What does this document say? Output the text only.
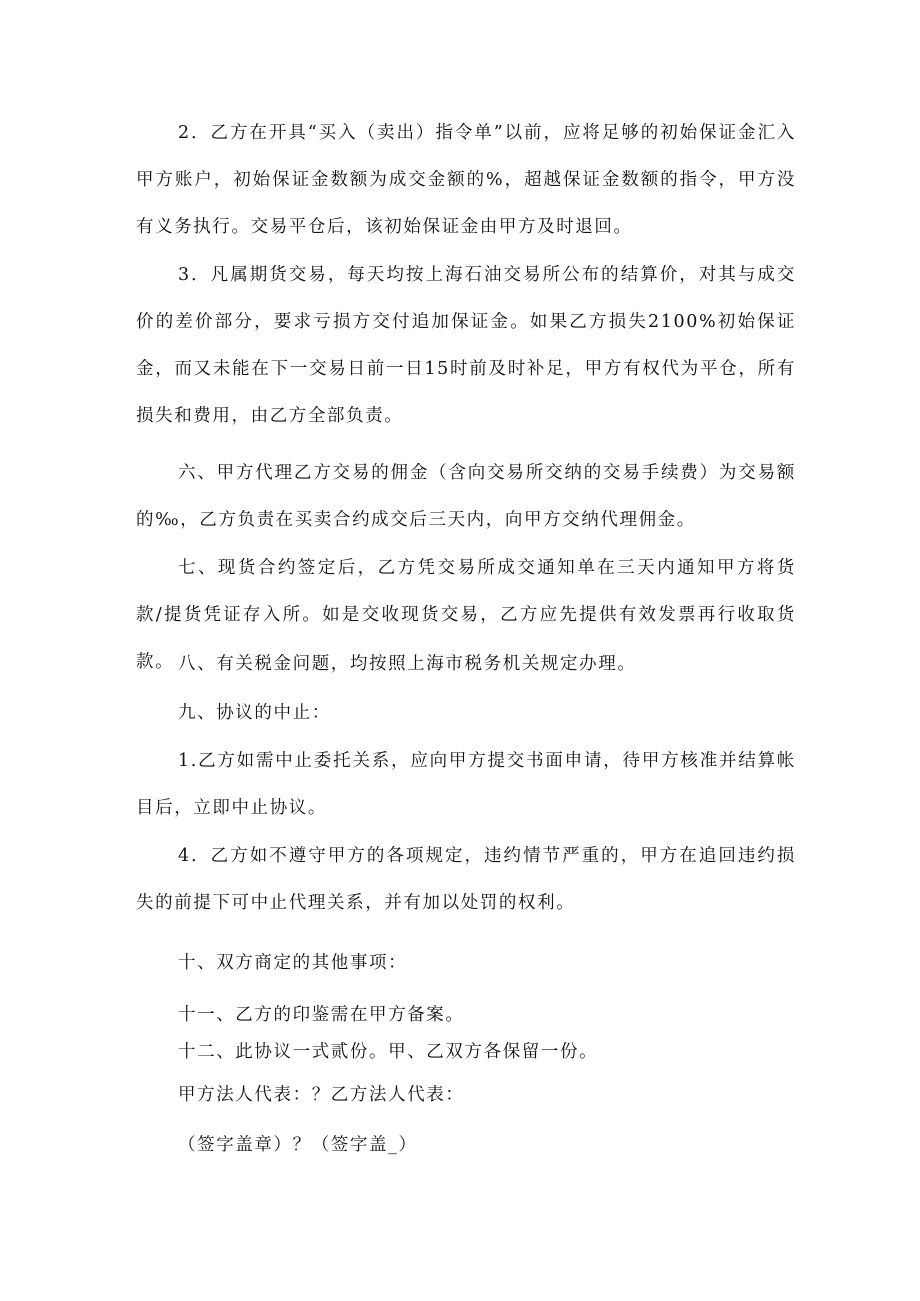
2．乙方在开具“买入（卖出）指令单”以前，应将足够的初始保证金汇入甲方账户，初始保证金数额为成交金额的%，超越保证金数额的指令，甲方没有义务执行。交易平仓后，该初始保证金由甲方及时退回。

3．凡属期货交易，每天均按上海石油交易所公布的结算价，对其与成交价的差价部分，要求亏损方交付追加保证金。如果乙方损失2100%初始保证金，而又未能在下一交易日前一日15时前及时补足，甲方有权代为平仓，所有损失和费用，由乙方全部负责。

六、甲方代理乙方交易的佣金（含向交易所交纳的交易手续费）为交易额的‰，乙方负责在买卖合约成交后三天内，向甲方交纳代理佣金。

七、现货合约签定后，乙方凭交易所成交通知单在三天内通知甲方将货款/提货凭证存入所。如是交收现货交易，乙方应先提供有效发票再行收取货款。 八、有关税金问题，均按照上海市税务机关规定办理。

九、协议的中止：

1.乙方如需中止委托关系，应向甲方提交书面申请，待甲方核准并结算帐目后，立即中止协议。

4．乙方如不遵守甲方的各项规定，违约情节严重的，甲方在追回违约损失的前提下可中止代理关系，并有加以处罚的权利。

十、双方商定的其他事项：

十一、乙方的印鉴需在甲方备案。

十二、此协议一式贰份。甲、乙双方各保留一份。

甲方法人代表：？乙方法人代表：

（签字盖章）？（签字盖_）
